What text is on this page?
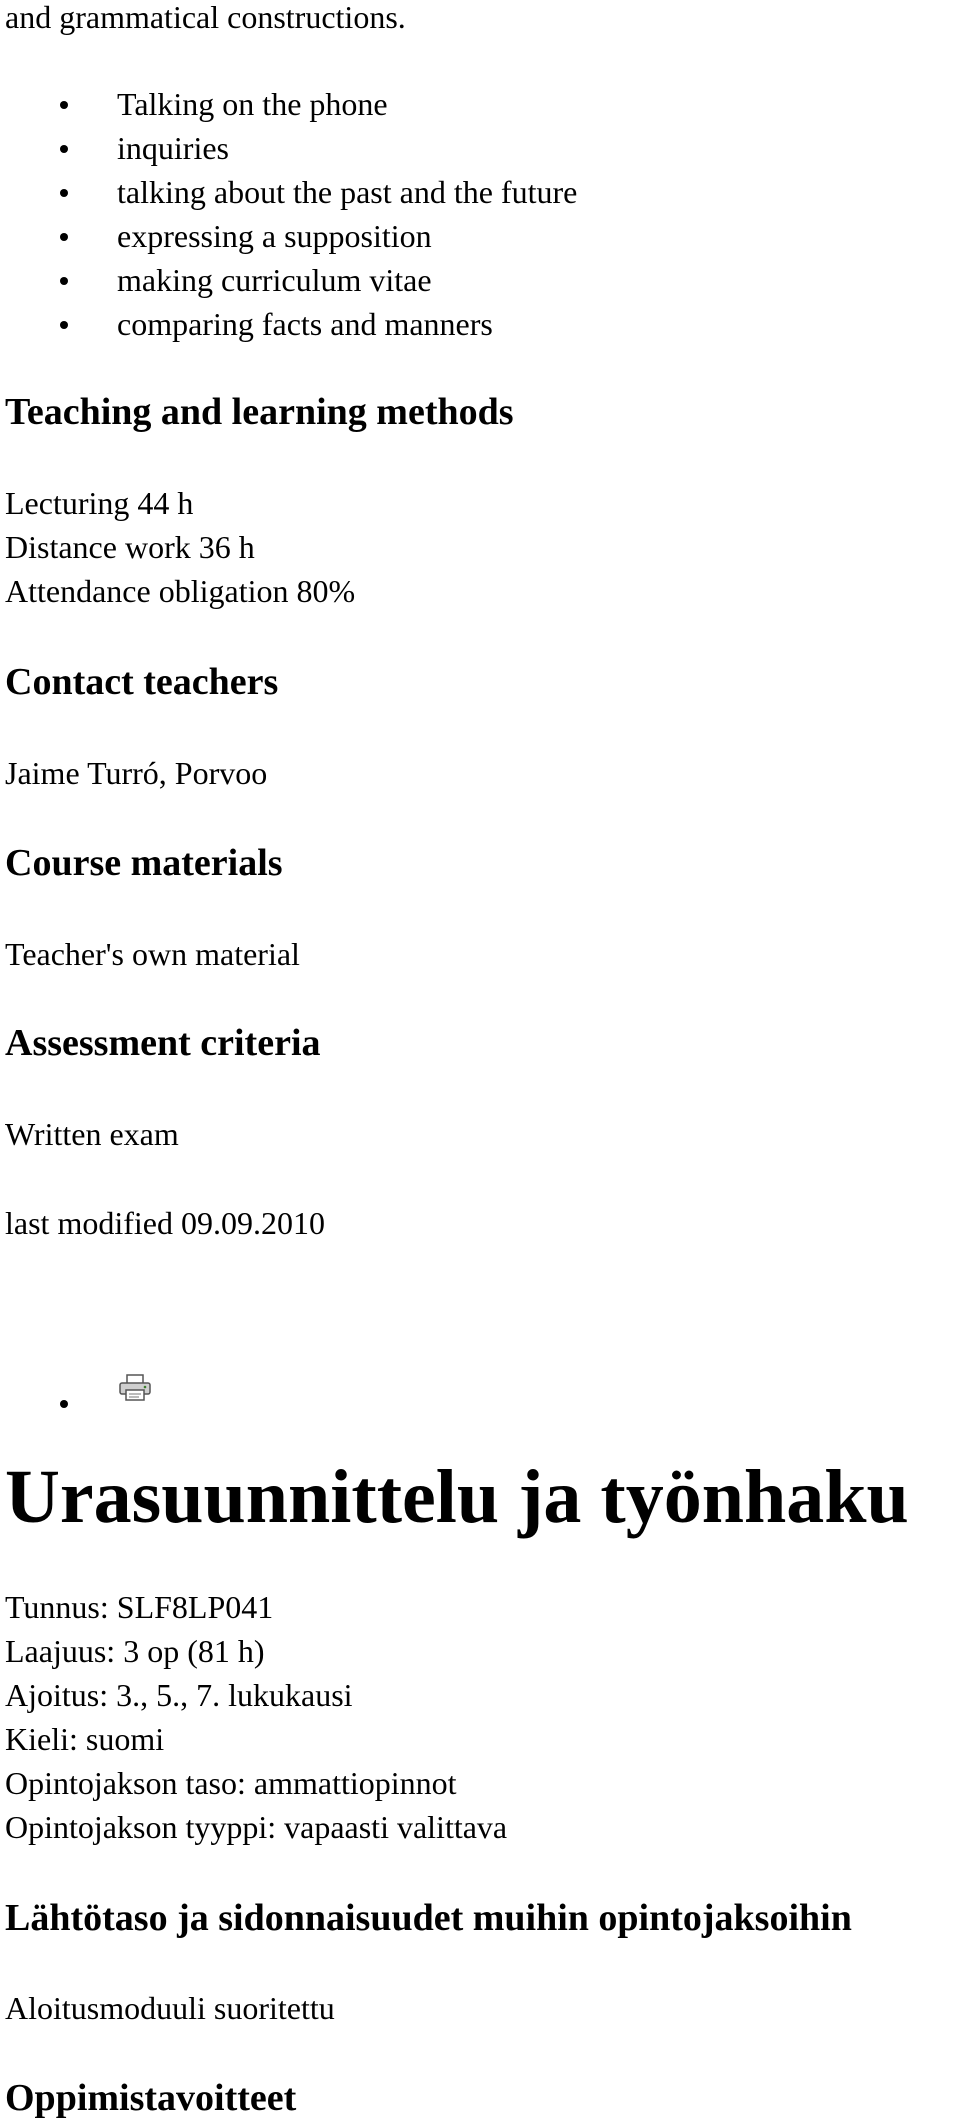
and grammatical constructions.

Talking on the phone
inquiries
talking about the past and the future
expressing a supposition
making curriculum vitae
comparing facts and manners
Teaching and learning methods

Lecturing 44 h

Distance work 36 h

Attendance obligation 80%

Contact teachers

Jaime Turró, Porvoo

Course materials

Teacher's own material

Assessment criteria

Written exam

last modified 09.09.2010

Urasuunnittelu ja työnhaku

Tunnus: SLF8LP041

Laajuus: 3 op (81 h)

Ajoitus: 3., 5., 7. lukukausi

Kieli: suomi

Opintojakson taso: ammattiopinnot

Opintojakson tyyppi: vapaasti valittava

Lähtötaso ja sidonnaisuudet muihin opintojaksoihin

Aloitusmoduuli suoritettu

Oppimistavoitteet
